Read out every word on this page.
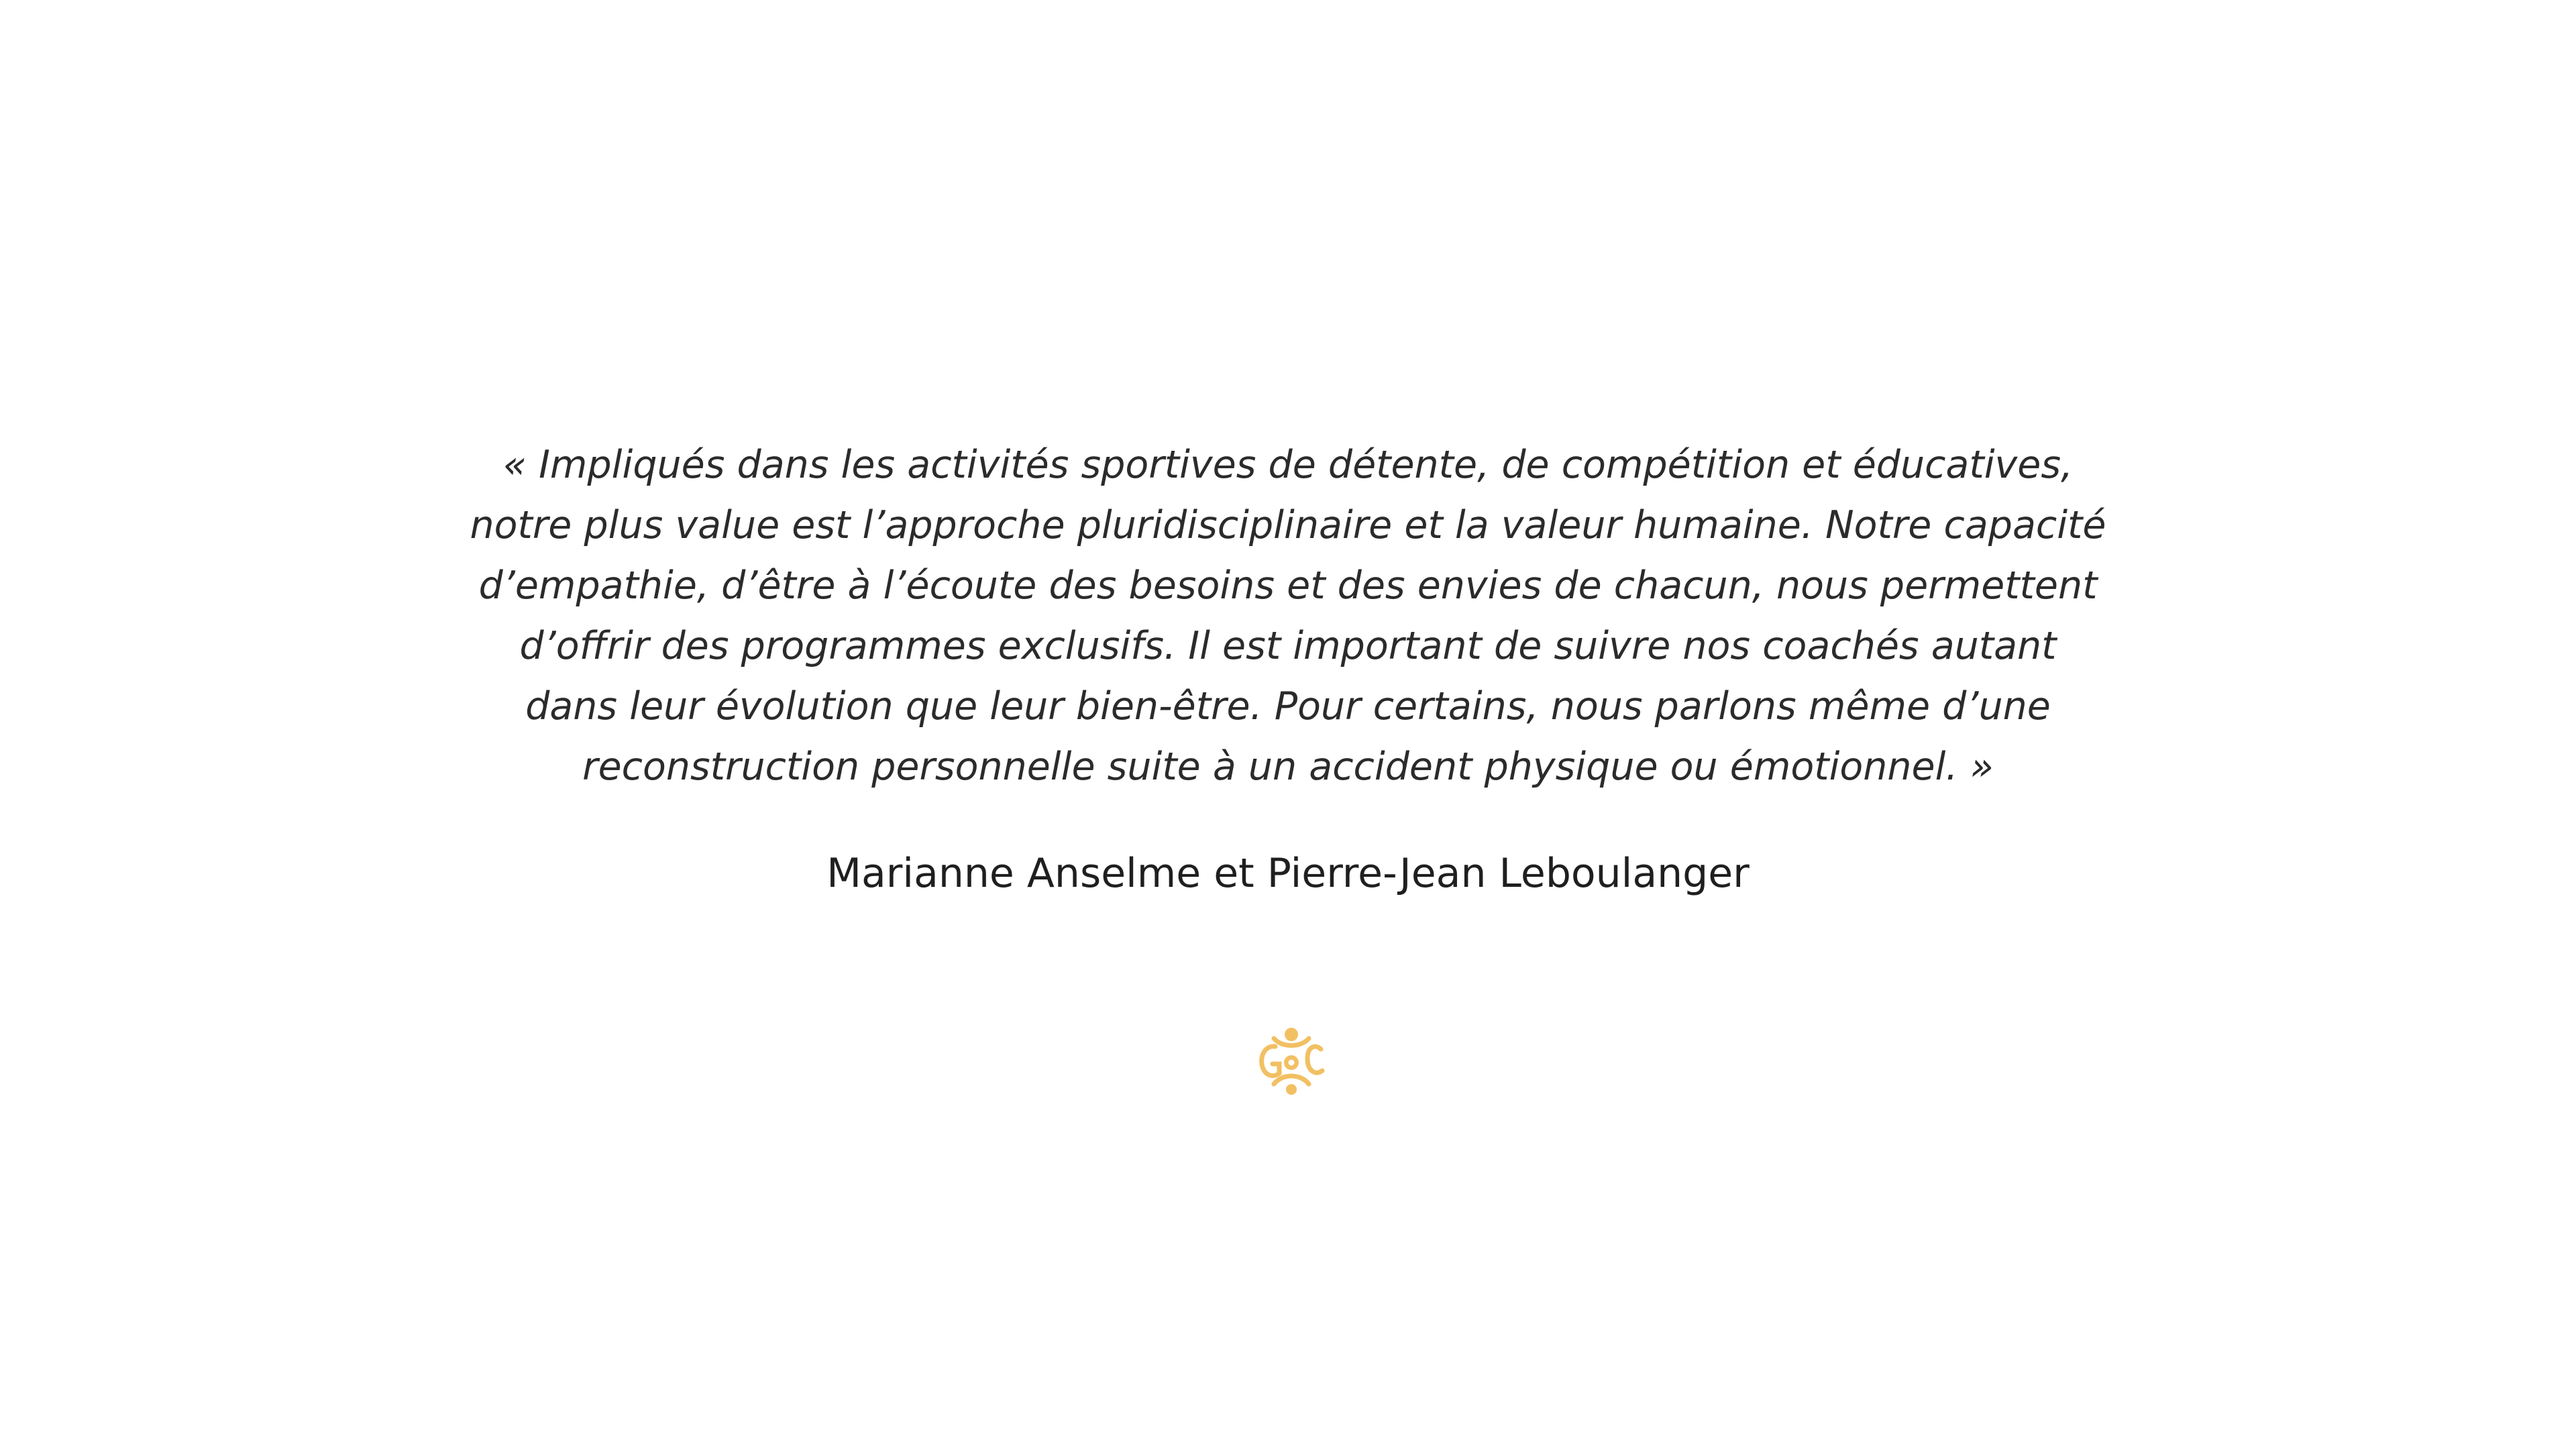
« Impliqués dans les activités sportives de détente, de compétition et éducatives,
notre plus value est l’approche pluridisciplinaire et la valeur humaine. Notre capacité
d’empathie, d’être à l’écoute des besoins et des envies de chacun, nous permettent
d’offrir des programmes exclusifs. Il est important de suivre nos coachés autant
dans leur évolution que leur bien-être. Pour certains, nous parlons même d’une
reconstruction personnelle suite à un accident physique ou émotionnel. »

Marianne Anselme et Pierre-Jean Leboulanger
